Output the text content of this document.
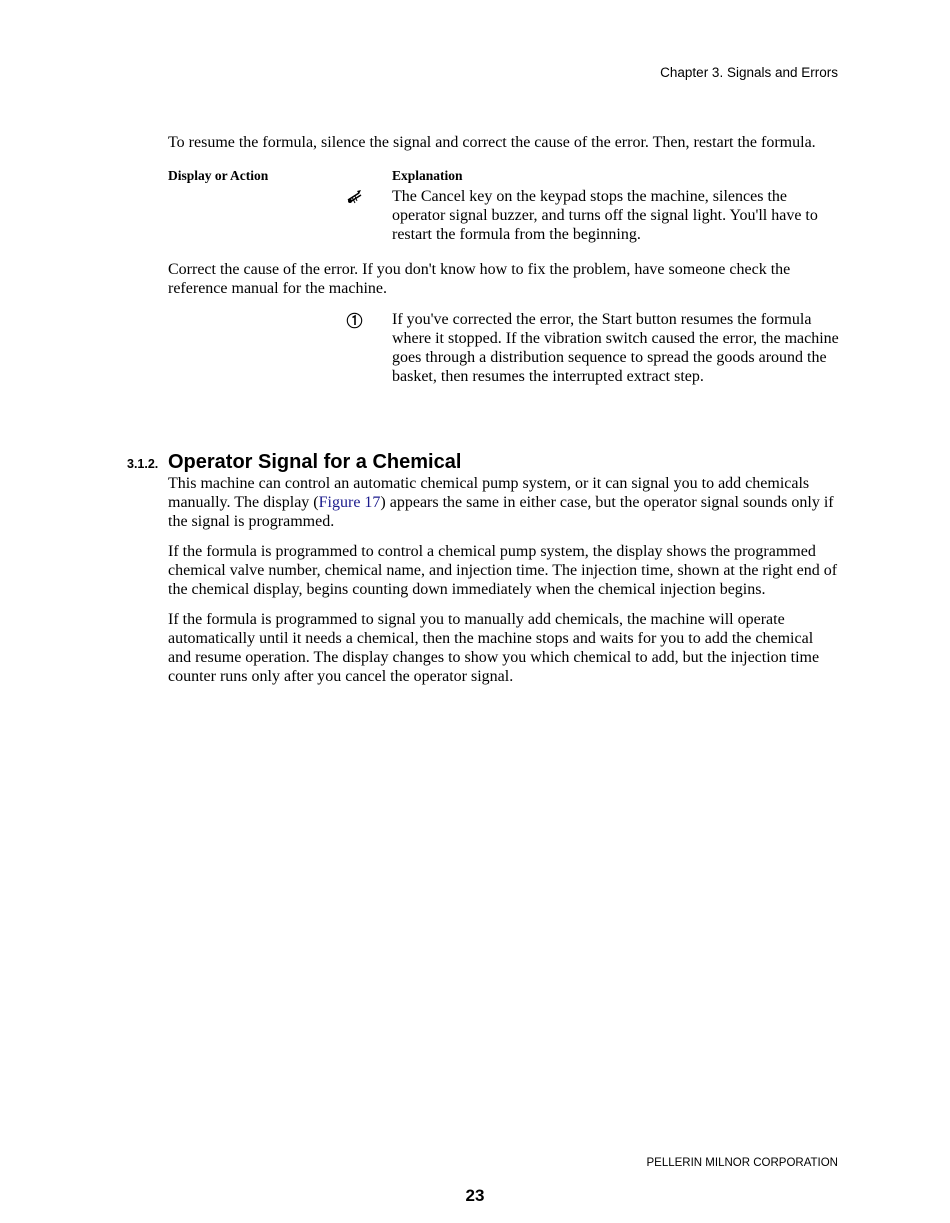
Chapter 3. Signals and Errors

To resume the formula, silence the signal and correct the cause of the error. Then, restart the formula.

Display or Action	Explanation

The Cancel key on the keypad stops the machine, silences the operator signal buzzer, and turns off the signal light. You'll have to restart the formula from the beginning.

Correct the cause of the error. If you don't know how to fix the problem, have someone check the reference manual for the machine.

If you've corrected the error, the Start button resumes the formula where it stopped. If the vibration switch caused the error, the machine goes through a distribution sequence to spread the goods around the basket, then resumes the interrupted extract step.

3.1.2. Operator Signal for a Chemical

This machine can control an automatic chemical pump system, or it can signal you to add chemicals manually. The display (Figure 17) appears the same in either case, but the operator signal sounds only if the signal is programmed.

If the formula is programmed to control a chemical pump system, the display shows the programmed chemical valve number, chemical name, and injection time. The injection time, shown at the right end of the chemical display, begins counting down immediately when the chemical injection begins.

If the formula is programmed to signal you to manually add chemicals, the machine will operate automatically until it needs a chemical, then the machine stops and waits for you to add the chemical and resume operation. The display changes to show you which chemical to add, but the injection time counter runs only after you cancel the operator signal.

PELLERIN MILNOR CORPORATION
23
